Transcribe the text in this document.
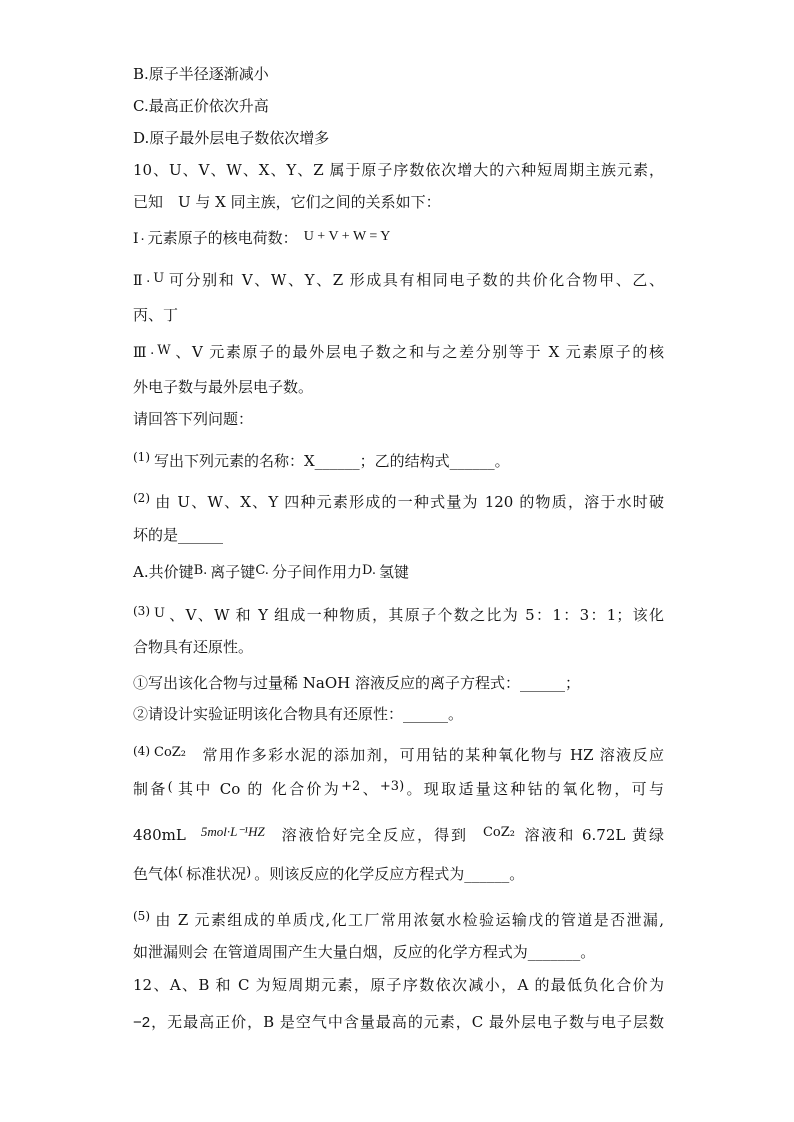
B.原子半径逐渐减小
C.最高正价依次升高
D.原子最外层电子数依次增多
10、U、V、W、X、Y、Z 属于原子序数依次增大的六种短周期主族元素，
已知　U 与 X 同主族，它们之间的关系如下：
Ⅰ . 元素原子的核电荷数： U + V + W = Y
Ⅱ . U 可分别和 V、W、Y、Z 形成具有相同电子数的共价化合物甲、乙、
丙、丁
Ⅲ . W 、V 元素原子的最外层电子数之和与之差分别等于 X 元素原子的核
外电子数与最外层电子数。
请回答下列问题：
$^{(1)}$ 写出下列元素的名称：X______；乙的结构式______。
$^{(2)}$ 由 U、W、X、Y 四种元素形成的一种式量为 120 的物质，溶于水时破
坏的是______
A.共价键B. 离子键C. 分子间作用力D. 氢键
$^{(3)}$ U 、V、W 和 Y 组成一种物质，其原子个数之比为 5：1：3：1；该化
合物具有还原性。
①写出该化合物与过量稀 NaOH 溶液反应的离子方程式：______；
②请设计实验证明该化合物具有还原性：______。
$^{(4)}$ CoZ₂  常用作多彩水泥的添加剂，可用钴的某种氧化物与 HZ 溶液反应
制备( 其中 Co 的 化合价为+2、+3)。现取适量这种钴的氧化物，可与
480mL  5mol·L⁻¹HZ  溶液恰好完全反应，得到  CoZ₂  溶液和 6.72L 黄绿
色气体( 标准状况) 。则该反应的化学反应方程式为______。
$^{(5)}$ 由 Z 元素组成的单质戊,化工厂常用浓氨水检验运输戊的管道是否泄漏,
如泄漏则会 在管道周围产生大量白烟，反应的化学方程式为_______。
12、A、B 和 C 为短周期元素，原子序数依次减小，A 的最低负化合价为
−2，无最高正价，B 是空气中含量最高的元素，C 最外层电子数与电子层数
